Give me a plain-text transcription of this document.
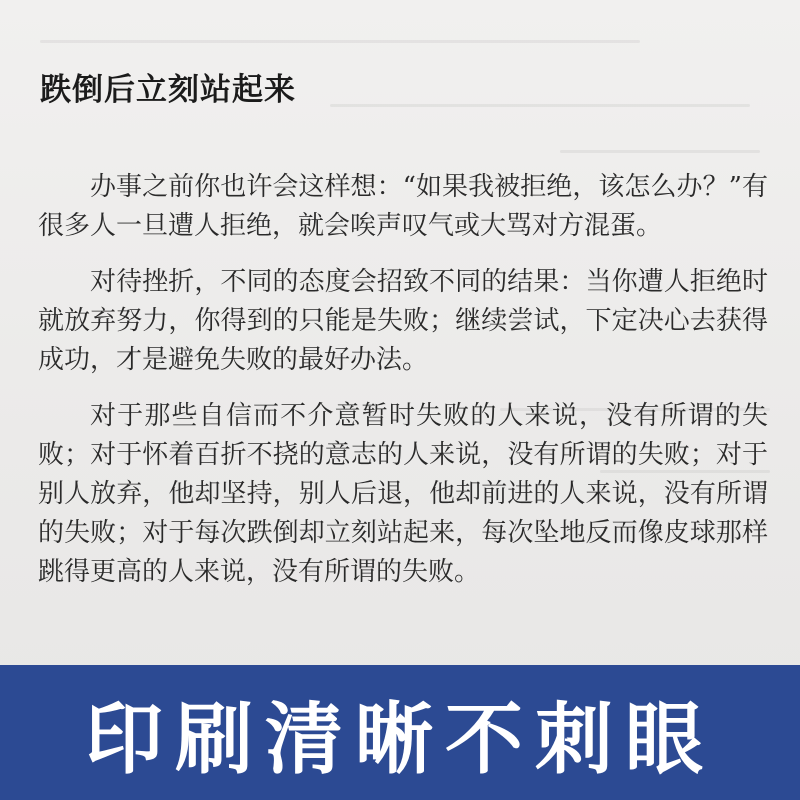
跌倒后立刻站起来

办事之前你也许会这样想：“如果我被拒绝，该怎么办？”有很多人一旦遭人拒绝，就会唉声叹气或大骂对方混蛋。

对待挫折，不同的态度会招致不同的结果：当你遭人拒绝时就放弃努力，你得到的只能是失败；继续尝试，下定决心去获得成功，才是避免失败的最好办法。

对于那些自信而不介意暂时失败的人来说，没有所谓的失败；对于怀着百折不挠的意志的人来说，没有所谓的失败；对于别人放弃，他却坚持，别人后退，他却前进的人来说，没有所谓的失败；对于每次跌倒却立刻站起来，每次坠地反而像皮球那样跳得更高的人来说，没有所谓的失败。

印刷清晰不刺眼
